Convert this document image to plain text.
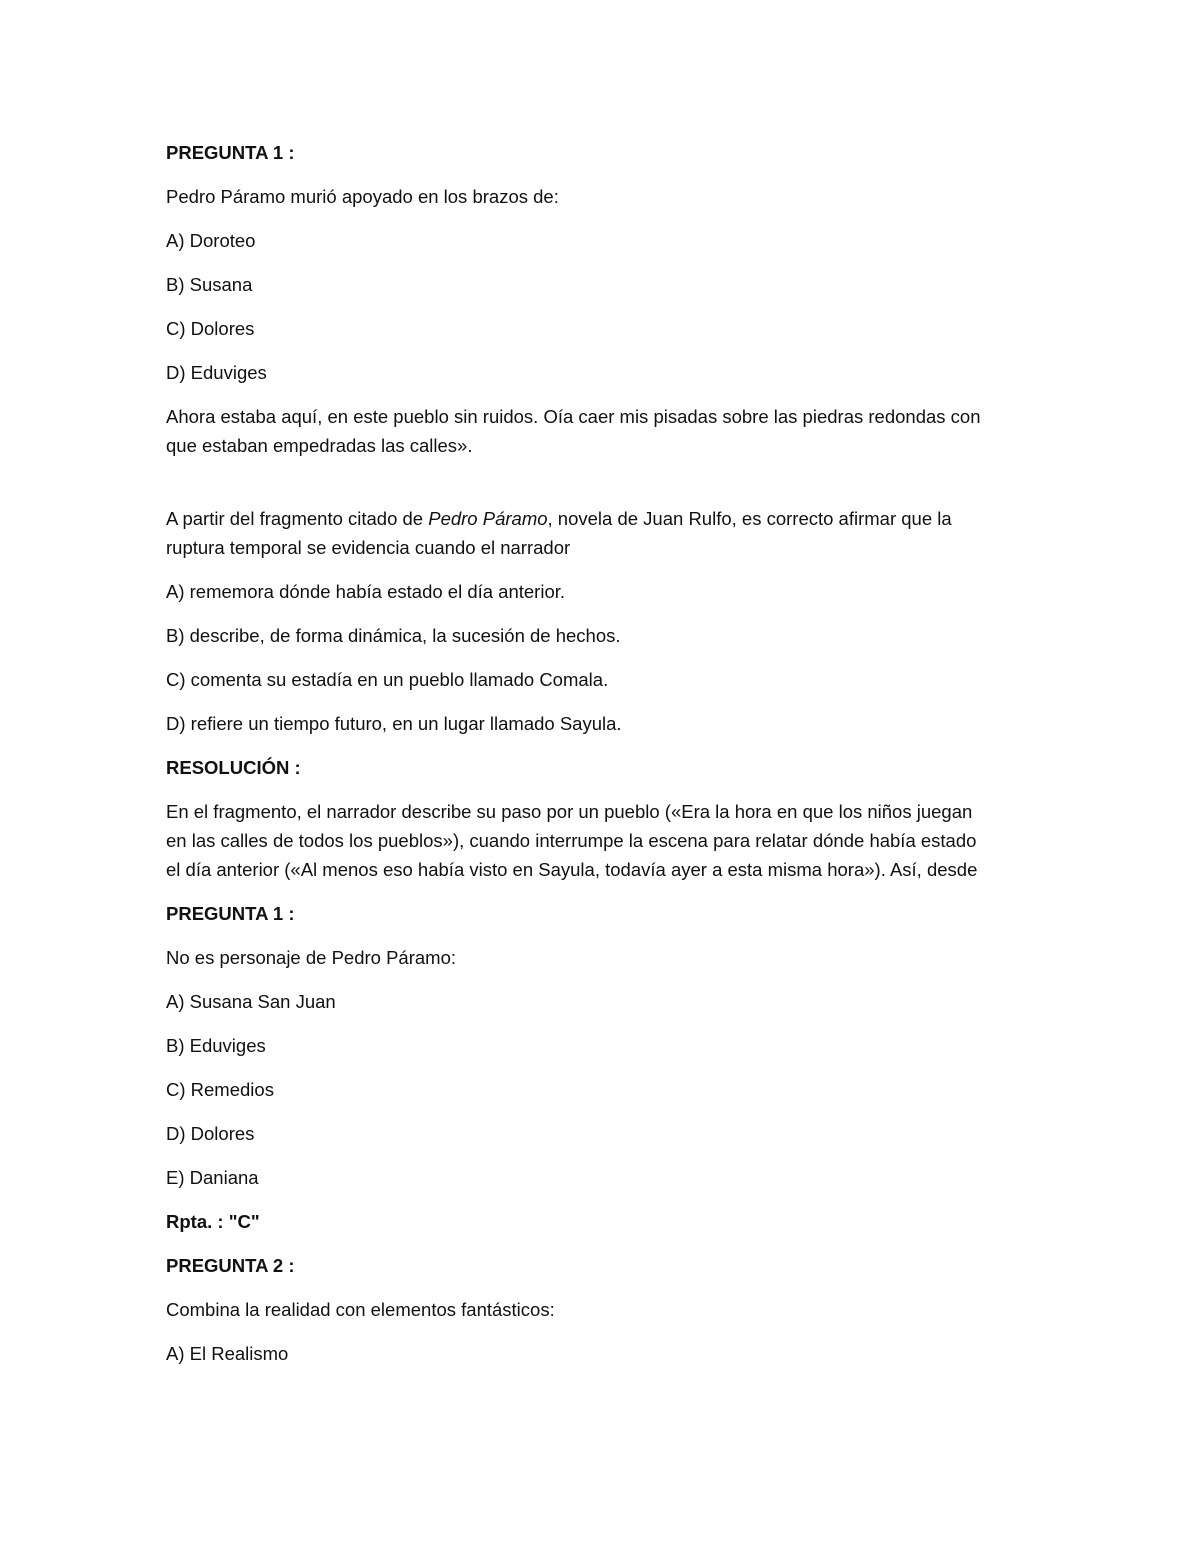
PREGUNTA 1 :

Pedro Páramo murió apoyado en los brazos de:

A) Doroteo

B) Susana

C) Dolores

D) Eduviges

Ahora estaba aquí, en este pueblo sin ruidos. Oía caer mis pisadas sobre las piedras redondas con

que estaban empedradas las calles».

A partir del fragmento citado de Pedro Páramo, novela de Juan Rulfo, es correcto afirmar que la

ruptura temporal se evidencia cuando el narrador

A) rememora dónde había estado el día anterior.

B) describe, de forma dinámica, la sucesión de hechos.

C) comenta su estadía en un pueblo llamado Comala.

D) refiere un tiempo futuro, en un lugar llamado Sayula.

RESOLUCIÓN :

En el fragmento, el narrador describe su paso por un pueblo («Era la hora en que los niños juegan

en las calles de todos los pueblos»), cuando interrumpe la escena para relatar dónde había estado

el día anterior («Al menos eso había visto en Sayula, todavía ayer a esta misma hora»). Así, desde

PREGUNTA 1 :

No es personaje de Pedro Páramo:

A) Susana San Juan

B) Eduviges

C) Remedios

D) Dolores

E) Daniana

Rpta. : "C"

PREGUNTA 2 :

Combina la realidad con elementos fantásticos:

A) El Realismo
